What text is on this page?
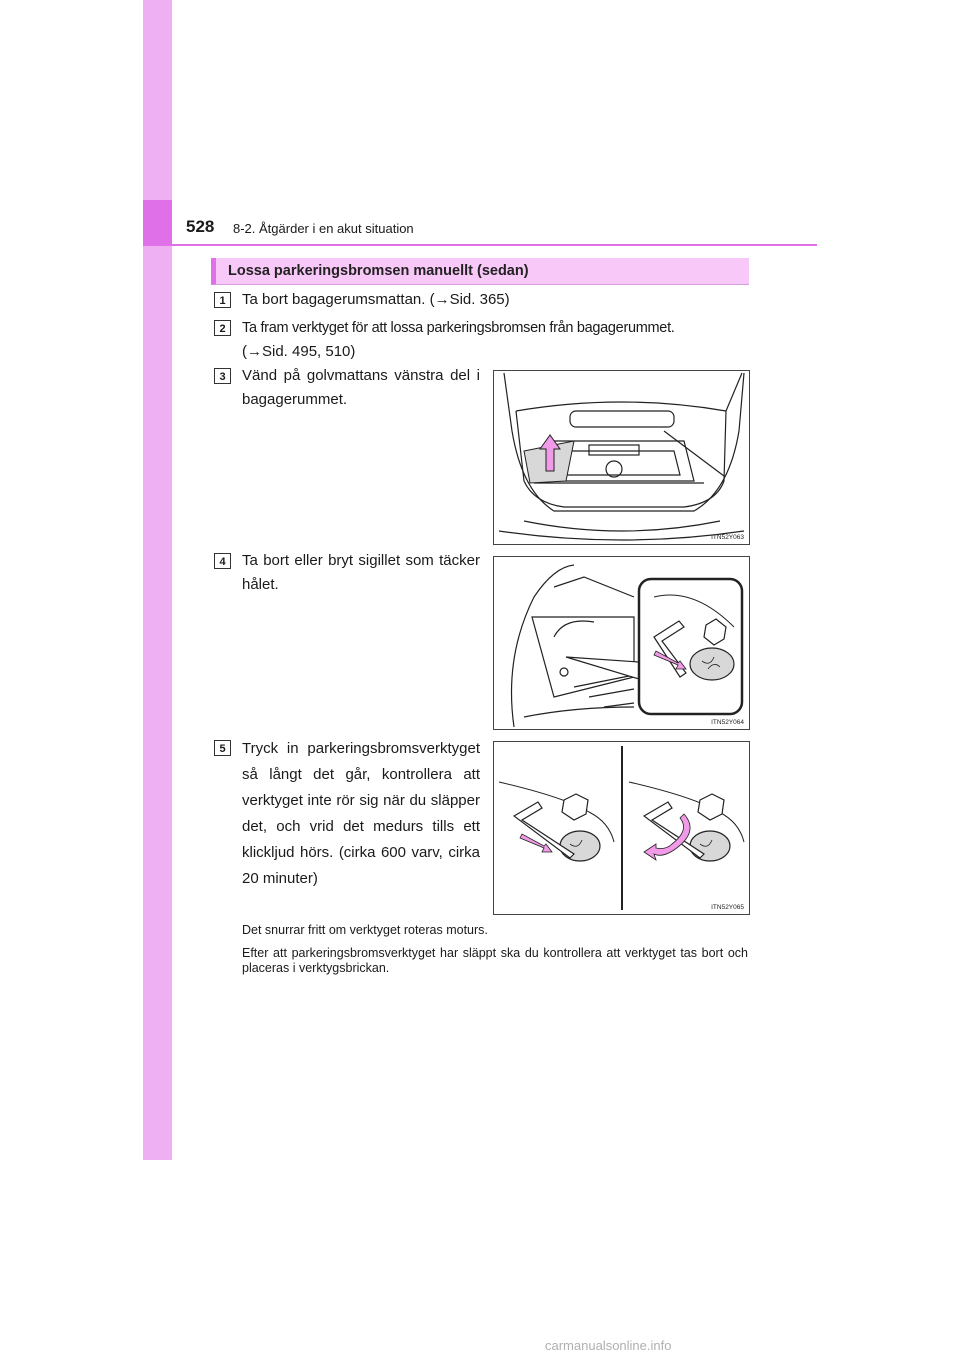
528 8-2. Åtgärder i en akut situation
Lossa parkeringsbromsen manuellt (sedan)
1	Ta bort bagagerumsmattan. (→Sid. 365)
2	Ta fram verktyget för att lossa parkeringsbromsen från bagagerummet.
(→Sid. 495, 510)
3	Vänd på golvmattans vänstra del i bagagerummet.
ITN52Y063
4	Ta bort eller bryt sigillet som täcker hålet.
ITN52Y064
5	Tryck in parkeringsbromsverktyget så långt det går, kontrollera att verktyget inte rör sig när du släpper det, och vrid det medurs tills ett klickljud hörs. (cirka 600 varv, cirka 20 minuter)
ITN52Y065
Det snurrar fritt om verktyget roteras moturs.
Efter att parkeringsbromsverktyget har släppt ska du kontrollera att verktyget tas bort och placeras i verktygsbrickan.
carmanualsonline.info
